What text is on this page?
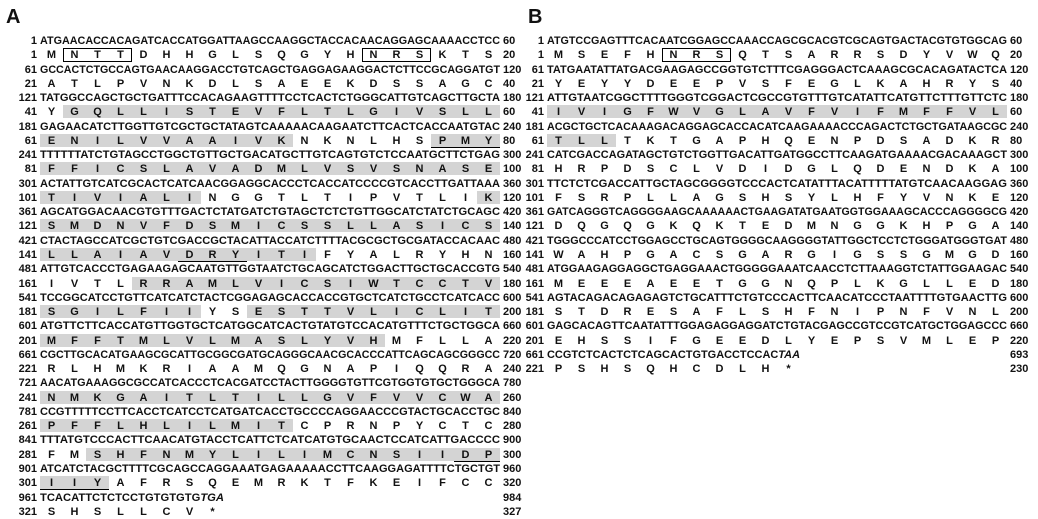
A	B
1 ATGAACACCACAGATCACCATGGATTAAGCCAAGGCTACCACAACAGGAGCAAAACCTCC 60
1 M	N	T	T	D	H	H	G	L	S	Q	G	Y	H	N	R	S	K	T	S 20
61 GCCACTCTGCCAGTGAACAAGGACCTGTCAGCTGAGGAGAAGGACTCTTCCGCAGGATGT 120
21 A	T	L	P	V	N	K	D	L	S	A	E	E	K	D	S	S	A	G	C 40
121 TATGGCCAGCTGCTGATTTCCACAGAAGTTTTCCTCACTCTGGGCATTGTCAGCTTGCTA 180
41 Y	G	Q	L	L	I	S	T	E	V	F	L	T	L	G	I	V	S	L	L	60
181 GAGAACATCTTGGTTGTCGCTGCTATAGTCAAAAACAAGAATCTTCACTCACCAATGTAC 240
61 E	N	I	L	V	V	A	A	I	V	K	N	K	N	L	H	S	P	M	Y 80
241 TTTTTTATCTGTAGCCTGGCTGTTGCTGACATGCTTGTCAGTGTCTCCAATGCTTCTGAG 300
81	F	F	I	C	S	L	A	V	A	D	M	L	V	S	V	S	N	A	S	E 100
301 ACTATTGTCATCGCACTCATCAACGGAGGCACCCTCACCATCCCCGTCACCTTGATTAAA 360
101	T	I	V	I	A	L	I	N	G	G	T	L	T	I	P	V	T	L	I	K 120
361 AGCATGGACAACGTGTTTGACTCTATGATCTGTAGCTCTCTGTTGGCATCTATCTGCAGC 420
121 S	M	D	N	V	F	D	S	M	I	C	S	S	L	L	A	S	I	C	S 140
421 CTACTAGCCATCGCTGTCGACCGCTACATTACCATCTTTTACGCGCTGCGATACCACAAC 480
141	L	L	A	I	A	V	D	R	Y	I	T	I	F	Y	A	L	R	Y	H	N 160
481 ATTGTCACCCTGAGAAGAGCAATGTTGGTAATCTGCAGCATCTGGACTTGCTGCACCGTG 540
161	I	V	T	L	R	R	A	M	L	V	I	C	S	I	W	T	C	C	T	V 180
541 TCCGGCATCCTGTTCATCATCTACTCGGAGAGCACCACCGTGCTCATCTGCCTCATCACC 600
181 S	G	I	L	F	I	I	Y	S	E	S	T	T	V	L	I	C	L	I	T	200
601 ATGTTCTTCACCATGTTGGTGCTCATGGCATCACTGTATGTCCACATGTTTCTGCTGGCA 660
201 M	F	F	T	M	L	V	L	M	A	S	L	Y	V	H	M	F	L	L	A 220
661 CGCTTGCACATGAAGCGCATTGCGGCGATGCAGGGCAACGCACCCATTCAGCAGCGGGCC 720
221 R	L	H	M	K	R	I	A	A	M	Q	G	N	A	P	I	Q	Q	R	A 240
721 AACATGAAAGGCGCCATCACCCTCACGATCCTACTTGGGGTGTTCGTGGTGTGCTGGGCA 780
241 N	M	K	G	A	I	T	L	T	I	L	L	G	V	F	V	V	C	W	A 260
781 CCGTTTTTCCTTCACCTCATCCTCATGATCACCTGCCCCAGGAACCCGTACTGCACCTGC 840
261 P	F	F	L	H	L	I	L	M	I	T	C	P	R	N	P	Y	C	T	C 280
841 TTTATGTCCCACTTCAACATGTACCTCATTCTCATCATGTGCAACTCCATCATTGACCCC 900
281	F	M	S	H	F	N	M	Y	L	I	L	I	M	C	N	S	I	I	D	P 300
901 ATCATCTACGCTTTTCGCAGCCAGGAAATGAGAAAAACCTTCAAGGAGATTTTCTGCTGT 960
301	I	I	Y	A	F	R	S	Q	E	M	R	K	T	F	K	E	I	F	C	C 320
961 TCACATTCTCTCCTGTGTGTGTGA	984
321 S	H	S	L	L	C	V	*	327
1 ATGTCCGAGTTTCACAATCGGAGCCAAACCAGCGCACGTCGCAGTGACTACGTGTGGCAG 60
1 M	S	E	F	H	N	R	S	Q	T	S	A	R	R	S	D	Y	V	W	Q 20
61 TATGAATATTATGACGAAGAGCCGGTGTCTTTCGAGGGACTCAAAGCGCACAGATACTCA 120
21 Y	E	Y	Y	D	E	E	P	V	S	F	E	G	L	K	A	H	R	Y	S 40
121 ATTGTAATCGGCTTTTGGGTCGGACTCGCCGTGTTTGTCATATTCATGTTCTTTGTTCTC 180
41	I	V	I	G	F	W	V	G	L	A	V	F	V	I	F	M	F	F	V	L	60
181 ACGCTGCTCACAAAGACAGGAGCACCACATCAAGAAAACCCAGACTCTGCTGATAAGCGC 240
61	T	L	L	T	K	T	G	A	P	H	Q	E	N	P	D	S	A	D	K	R 80
241 CATCGACCAGATAGCTGTCTGGTTGACATTGATGGCCTTCAAGATGAAAACGACAAAGCT 300
81 H	R	P	D	S	C	L	V	D	I	D	G	L	Q	D	E	N	D	K	A 100
301 TTCTCTCGACCATTGCTAGCGGGGTCCCACTCATATTTACATTTTTATGTCAACAAGGAG 360
101	F	S	R	P	L	L	A	G	S	H	S	Y	L	H	F	Y	V	N	K	E 120
361 GATCAGGGTCAGGGGAAGCAAAAAACTGAAGATATGAATGGTGGAAAGCACCCAGGGGCG 420
121 D	Q	G	Q	G	K	Q	K	T	E	D	M	N	G	G	K	H	P	G	A 140
421 TGGGCCCATCCTGGAGCCTGCAGTGGGGCAAGGGGTATTGGCTCCTCTGGGATGGGTGAT 480
141 W	A	H	P	G	A	C	S	G	A	R	G	I	G	S	S	G	M	G	D 160
481 ATGGAAGAGGAGGCTGAGGAAACTGGGGGAAATCAACCTCTTAAAGGTCTATTGGAAGAC 540
161 M	E	E	E	A	E	E	T	G	G	N	Q	P	L	K	G	L	L	E	D 180
541 AGTACAGACAGAGAGTCTGCATTTCTGTCCCACTTCAACATCCCTAATTTTGTGAACTTG 600
181 S	T	D	R	E	S	A	F	L	S	H	F	N	I	P	N	F	V	N	L	200
601 GAGCACAGTTCAATATTTGGAGAGGAGGATCTGTACGAGCCGTCCGTCATGCTGGAGCCC 660
201 E	H	S	S	I	F	G	E	E	D	L	Y	E	P	S	V	M	L	E	P 220
661 CCGTCTCACTCTCAGCACTGTGACCTCCACTAA	693
221 P	S	H	S	Q	H	C	D	L	H	*	230
